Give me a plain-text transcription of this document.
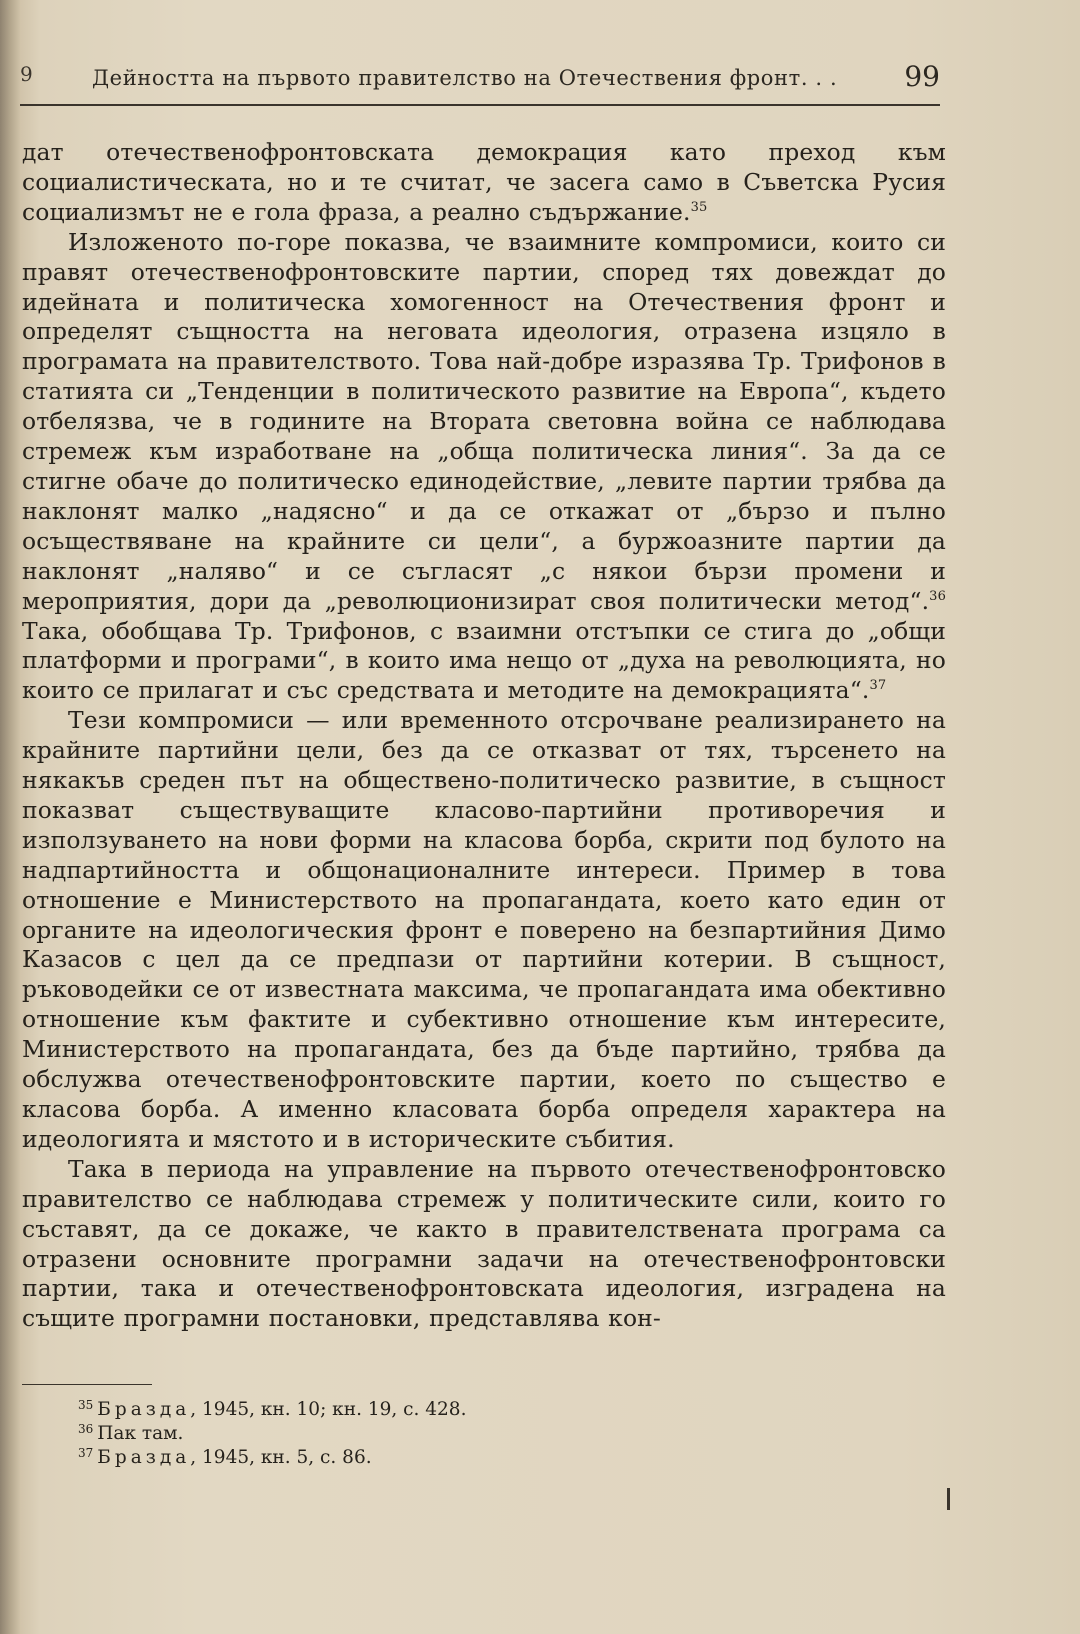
9	Дейността на първото правителство на Отечествения фронт. . . 99

дат отечественофронтовската демокрация като преход към социалистическата, но и те считат, че засега само в Съветска Русия социализмът не е гола фраза, а реално съдържание.$^{35}$

Изложеното по-горе показва, че взаимните компромиси, които си правят отечественофронтовските партии, според тях довеждат до идейната и политическа хомогенност на Отечествения фронт и определят същността на неговата идеология, отразена изцяло в програмата на правителството. Това най-добре изразява Тр. Трифонов в статията си „Тенденции в политическото развитие на Европа“, където отбелязва, че в годините на Втората световна война се наблюдава стремеж към изработване на „обща политическа линия“. За да се стигне обаче до политическо единодействие, „левите партии трябва да наклонят малко „надясно“ и да се откажат от „бързо и пълно осъществяване на крайните си цели“, а буржоазните партии да наклонят „наляво“ и се съгласят „с някои бързи промени и мероприятия, дори да „революционизират своя политически метод“.$^{36}$ Така, обобщава Тр. Трифонов, с взаимни отстъпки се стига до „общи платформи и програми“, в които има нещо от „духа на революцията, но които се прилагат и със средствата и методите на демокрацията“.$^{37}$

Тези компромиси — или временното отсрочване реализирането на крайните партийни цели, без да се отказват от тях, търсенето на някакъв среден път на обществено-политическо развитие, в същност показват съществуващите класово-партийни противоречия и използуването на нови форми на класова борба, скрити под булото на надпартийността и общонационалните интереси. Пример в това отношение е Министерството на пропагандата, което като един от органите на идеологическия фронт е поверено на безпартийния Димо Казасов с цел да се предпази от партийни котерии. В същност, ръководейки се от известната максима, че пропагандата има обективно отношение към фактите и субективно отношение към интересите, Министерството на пропагандата, без да бъде партийно, трябва да обслужва отечественофронтовските партии, което по същество е класова борба. А именно класовата борба определя характера на идеологията и мястото и в историческите събития.

Така в периода на управление на първото отечественофронтовско правителство се наблюдава стремеж у политическите сили, които го съставят, да се докаже, че както в правителствената програма са отразени основните програмни задачи на отечественофронтовски партии, така и отечественофронтовската идеология, изградена на същите програмни постановки, представлява кон-

$^{35}$ Бразда, 1945, кн. 10; кн. 19, с. 428.
$^{36}$ Пак там.
$^{37}$ Бразда, 1945, кн. 5, с. 86.
